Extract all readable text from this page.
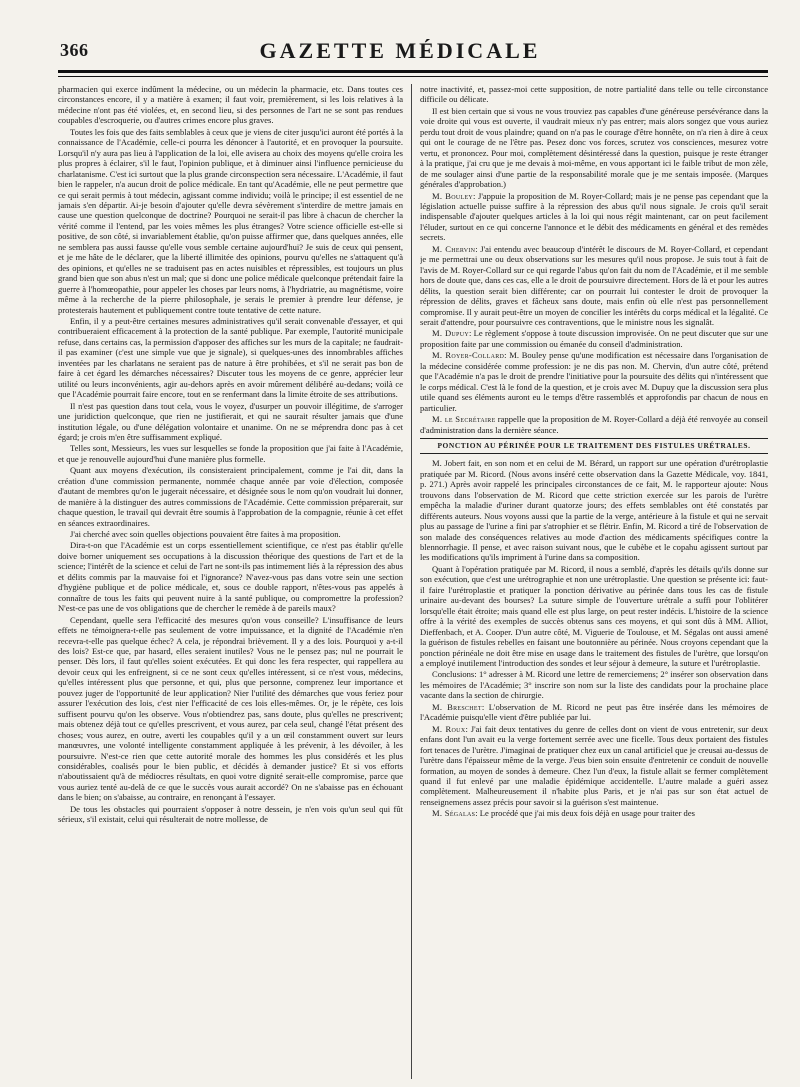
366	GAZETTE MÉDICALE

pharmacien qui exerce indûment la médecine, ou un médecin la pharmacie, etc. Dans toutes ces circonstances encore, il y a matière à examen; il faut voir, premièrement, si les lois relatives à la médecine n'ont pas été violées, et, en second lieu, si des personnes de l'art ne se sont pas rendues coupables d'escroquerie, ou d'autres crimes encore plus graves.

Toutes les fois que des faits semblables à ceux que je viens de citer jusqu'ici auront été portés à la connaissance de l'Académie, celle-ci pourra les dénoncer à l'autorité, et en provoquer la poursuite. Lorsqu'il n'y aura pas lieu à l'application de la loi, elle avisera au choix des moyens qu'elle croira les plus propres à éclairer, s'il le faut, l'opinion publique, et à diminuer ainsi l'influence pernicieuse du charlatanisme. C'est ici surtout que la plus grande circonspection sera nécessaire. L'Académie, il faut bien le rappeler, n'a aucun droit de police médicale. En tant qu'Académie, elle ne peut permettre que ce qui serait permis à tout médecin, agissant comme individu; voilà le principe; il est essentiel de ne jamais s'en départir. Ai-je besoin d'ajouter qu'elle devra sévèrement s'interdire de mettre jamais en cause une question quelconque de doctrine? Pourquoi ne serait-il pas libre à chacun de chercher la vérité comme il l'entend, par les voies mêmes les plus étranges? Votre science officielle est-elle si positive, de son côté, si invariablement établie, qu'on puisse affirmer que, dans quelques années, elle ne semblera pas aussi fausse qu'elle vous semble certaine aujourd'hui? Je suis de ceux qui pensent, et je me hâte de le déclarer, que la liberté illimitée des opinions, pourvu qu'elles ne s'attaquent qu'à des opinions, et qu'elles ne se traduisent pas en actes nuisibles et répressibles, est toujours un plus grand bien que son abus n'est un mal; que si donc une police médicale quelconque prétendait faire la guerre à l'homœopathie, pour appeler les choses par leurs noms, à l'hydriatrie, au magnétisme, voire même à la recherche de la pierre philosophale, je serais le premier à prendre leur défense, je protesterais hautement et publiquement contre toute tentative de cette nature.

Enfin, il y a peut-être certaines mesures administratives qu'il serait convenable d'essayer, et qui contribueraient efficacement à la protection de la santé publique. Par exemple, l'autorité municipale refuse, dans certains cas, la permission d'apposer des affiches sur les murs de la capitale; ne faudrait-il pas examiner (c'est une simple vue que je signale), si quelques-unes des innombrables affiches inventées par les charlatans ne seraient pas de nature à être prohibées, et s'il ne serait pas bon de faire à cet égard les démarches nécessaires? Discuter tous les moyens de ce genre, apprécier leur utilité ou leurs inconvénients, agir au-dehors après en avoir mûrement délibéré au-dedans; voilà ce que l'Académie pourrait faire encore, tout en se renfermant dans la limite étroite de ses attributions.

Il n'est pas question dans tout cela, vous le voyez, d'usurper un pouvoir illégitime, de s'arroger une juridiction quelconque, que rien ne justifierait, et qui ne saurait résulter jamais que d'une institution légale, ou d'une délégation volontaire et unanime. On ne se méprendra donc pas à cet égard; je crois m'en être suffisamment expliqué.

Telles sont, Messieurs, les vues sur lesquelles se fonde la proposition que j'ai faite à l'Académie, et que je renouvelle aujourd'hui d'une manière plus formelle.

Quant aux moyens d'exécution, ils consisteraient principalement, comme je l'ai dit, dans la création d'une commission permanente, nommée chaque année par voie d'élection, composée d'autant de membres qu'on le jugerait nécessaire, et désignée sous le nom qu'on voudrait lui donner, de manière à la distinguer des autres commissions de l'Académie. Cette commission préparerait, sur chaque question, le travail qui devrait être soumis à l'approbation de la compagnie, réunie à cet effet en séances extraordinaires.

J'ai cherché avec soin quelles objections pouvaient être faites à ma proposition.

Dira-t-on que l'Académie est un corps essentiellement scientifique, ce n'est pas établir qu'elle doive borner uniquement ses occupations à la discussion théorique des questions de l'art et de la science; l'intérêt de la science et celui de l'art ne sont-ils pas intimement liés à la répression des abus et délits commis par la mauvaise foi et l'ignorance? N'avez-vous pas dans votre sein une section d'hygiène publique et de police médicale, et, sous ce double rapport, n'êtes-vous pas appelés à connaître de tous les faits qui peuvent nuire à la santé publique, ou compromettre la profession? N'est-ce pas une de vos obligations que de chercher le remède à de pareils maux?

Cependant, quelle sera l'efficacité des mesures qu'on vous conseille? L'insuffisance de leurs effets ne témoignera-t-elle pas seulement de votre impuissance, et la dignité de l'Académie n'en recevra-t-elle pas quelque échec? A cela, je répondrai brièvement. Il y a des lois. Pourquoi y a-t-il des lois? Est-ce que, par hasard, elles seraient inutiles? Vous ne le pensez pas; nul ne pourrait le penser. Dès lors, il faut qu'elles soient exécutées. Et qui donc les fera respecter, qui rappellera au devoir ceux qui les enfreignent, si ce ne sont ceux qu'elles intéressent, si ce n'est vous, médecins, qu'elles intéressent plus que personne, et qui, plus que personne, comprenez leur importance et pouvez juger de l'opportunité de leur application? Nier l'utilité des démarches que vous feriez pour assurer l'exécution des lois, c'est nier l'efficacité de ces lois elles-mêmes. Or, je le répète, ces lois suffisent pourvu qu'on les observe. Vous n'obtiendrez pas, sans doute, plus qu'elles ne prescrivent; mais obtenez déjà tout ce qu'elles prescrivent, et vous aurez, par cela seul, changé l'état présent des choses; vous aurez, en outre, averti les coupables qu'il y a un œil constamment ouvert sur leurs manœuvres, une volonté intelligente constamment appliquée à les prévenir, à les dévoiler, à les poursuivre. N'est-ce rien que cette autorité morale des hommes les plus considérés et les plus considérables, coalisés pour le bien public, et décidés à demander justice? Et si vos efforts n'aboutissaient qu'à de médiocres résultats, en quoi votre dignité serait-elle compromise, parce que vous auriez tenté au-delà de ce que le succès vous aurait accordé? On ne s'abaisse pas en échouant dans le bien; on s'abaisse, au contraire, en renonçant à l'essayer.

De tous les obstacles qui pourraient s'opposer à notre dessein, je n'en vois qu'un seul qui fût sérieux, s'il existait, celui qui résulterait de notre mollesse, de

notre inactivité, et, passez-moi cette supposition, de notre partialité dans telle ou telle circonstance difficile ou délicate.

Il est bien certain que si vous ne vous trouviez pas capables d'une généreuse persévérance dans la voie droite qui vous est ouverte, il vaudrait mieux n'y pas entrer; mais alors songez que vous auriez perdu tout droit de vous plaindre; quand on n'a pas le courage d'être honnête, on n'a rien à dire à ceux qui ont le courage de ne l'être pas. Pesez donc vos forces, scrutez vos consciences, mesurez votre vertu, et prononcez. Pour moi, complètement désintéressé dans la question, puisque je reste étranger à la pratique, j'ai cru que je me devais à moi-même, en vous apportant ici le faible tribut de mon zèle, de me soulager ainsi d'une partie de la responsabilité morale que je me sentais imposée. (Marques générales d'approbation.)

M. Bouley: J'appuie la proposition de M. Royer-Collard; mais je ne pense pas cependant que la législation actuelle puisse suffire à la répression des abus qu'il nous signale. Je crois qu'il serait indispensable d'ajouter quelques articles à la loi qui nous régit maintenant, car on peut facilement l'éluder, surtout en ce qui concerne l'annonce et le débit des médicaments en général et des remèdes secrets.

M. Chervin: J'ai entendu avec beaucoup d'intérêt le discours de M. Royer-Collard, et cependant je me permettrai une ou deux observations sur les mesures qu'il nous propose. Je suis tout à fait de l'avis de M. Royer-Collard sur ce qui regarde l'abus qu'on fait du nom de l'Académie, et il me semble hors de doute que, dans ces cas, elle a le droit de poursuivre directement. Hors de là et pour les autres délits, la question serait bien différente; car on pourrait lui contester le droit de provoquer la répression de délits, graves et fâcheux sans doute, mais enfin où elle n'est pas personnellement compromise. Il y aurait peut-être un moyen de concilier les intérêts du corps médical et la légalité. Ce serait d'attendre, pour poursuivre ces contraventions, que le ministre nous les signalât.

M. Dupuy: Le règlement s'oppose à toute discussion improvisée. On ne peut discuter que sur une proposition faite par une commission ou émanée du conseil d'administration.

M. Royer-Collard: M. Bouley pense qu'une modification est nécessaire dans l'organisation de la médecine considérée comme profession: je ne dis pas non. M. Chervin, d'un autre côté, prétend que l'Académie n'a pas le droit de prendre l'initiative pour la poursuite des délits qui n'intéressent que le corps médical. C'est là le fond de la question, et je crois avec M. Dupuy que la discussion sera plus utile quand ses éléments auront eu le temps d'être rassemblés et approfondis par chacun de nous en particulier.

M. le Secrétaire rappelle que la proposition de M. Royer-Collard a déjà été renvoyée au conseil d'administration dans la dernière séance.

PONCTION AU PÉRINÉE POUR LE TRAITEMENT DES FISTULES URÉTRALES.

M. Jobert fait, en son nom et en celui de M. Bérard, un rapport sur une opération d'urétroplastie pratiquée par M. Ricord. (Nous avons inséré cette observation dans la Gazette Médicale, voy. 1841, p. 271.) Après avoir rappelé les principales circonstances de ce fait, M. le rapporteur ajoute: Nous trouvons dans l'observation de M. Ricord que cette striction exercée sur les parois de l'urètre empêcha la maladie d'uriner durant quatorze jours; des effets semblables ont été constatés par différents auteurs. Nous voyons aussi que la partie de la verge, antérieure à la fistule et qui ne servait plus au passage de l'urine a fini par s'atrophier et se flétrir. Enfin, M. Ricord a tiré de l'observation de son malade des conséquences relatives au mode d'action des médicaments spécifiques contre la blennorrhagie. Il pense, et avec raison suivant nous, que le cubèbe et le copahu agissent surtout par les modifications qu'ils impriment à l'urine dans sa composition.

Quant à l'opération pratiquée par M. Ricord, il nous a semblé, d'après les détails qu'ils donne sur son exécution, que c'est une urétrographie et non une urétroplastie. Une question se présente ici: faut-il faire l'urétroplastie et pratiquer la ponction dérivative au périnée dans tous les cas de fistule urinaire au-devant des bourses? La suture simple de l'ouverture urétrale a suffi pour l'oblitérer lorsqu'elle était étroite; mais quand elle est plus large, on peut rester indécis. L'histoire de la science offre à la vérité des exemples de succès obtenus sans ces moyens, et qui sont dûs à MM. Alliot, Dieffenbach, et A. Cooper. D'un autre côté, M. Viguerie de Toulouse, et M. Ségalas ont aussi amené la guérison de fistules rebelles en faisant une boutonnière au périnée. Nous croyons cependant que la ponction périnéale ne doit être mise en usage dans le traitement des fistules de l'urètre, que lorsqu'on a employé inutilement l'introduction des sondes et leur séjour à demeure, la suture et l'urétroplastie.

Conclusions: 1° adresser à M. Ricord une lettre de remerciemens; 2° insérer son observation dans les mémoires de l'Académie; 3° inscrire son nom sur la liste des candidats pour la prochaine place vacante dans la section de chirurgie.

M. Breschet: L'observation de M. Ricord ne peut pas être insérée dans les mémoires de l'Académie puisqu'elle vient d'être publiée par lui.

M. Roux: J'ai fait deux tentatives du genre de celles dont on vient de vous entretenir, sur deux enfans dont l'un avait eu la verge fortement serrée avec une ficelle. Tous deux portaient des fistules fort tenaces de l'urètre. J'imaginai de pratiquer chez eux un canal artificiel que je creusai au-dessus de l'urètre dans l'épaisseur même de la verge. J'eus bien soin ensuite d'entretenir ce conduit de nouvelle formation, au moyen de sondes à demeure. Chez l'un d'eux, la fistule allait se fermer complètement quand il fut enlevé par une maladie épidémique accidentelle. L'autre malade a guéri assez complètement. Malheureusement il n'habite plus Paris, et je n'ai pas sur son état actuel de renseignemens assez précis pour savoir si la guérison s'est maintenue.

M. Ségalas: Le procédé que j'ai mis deux fois déjà en usage pour traiter des
